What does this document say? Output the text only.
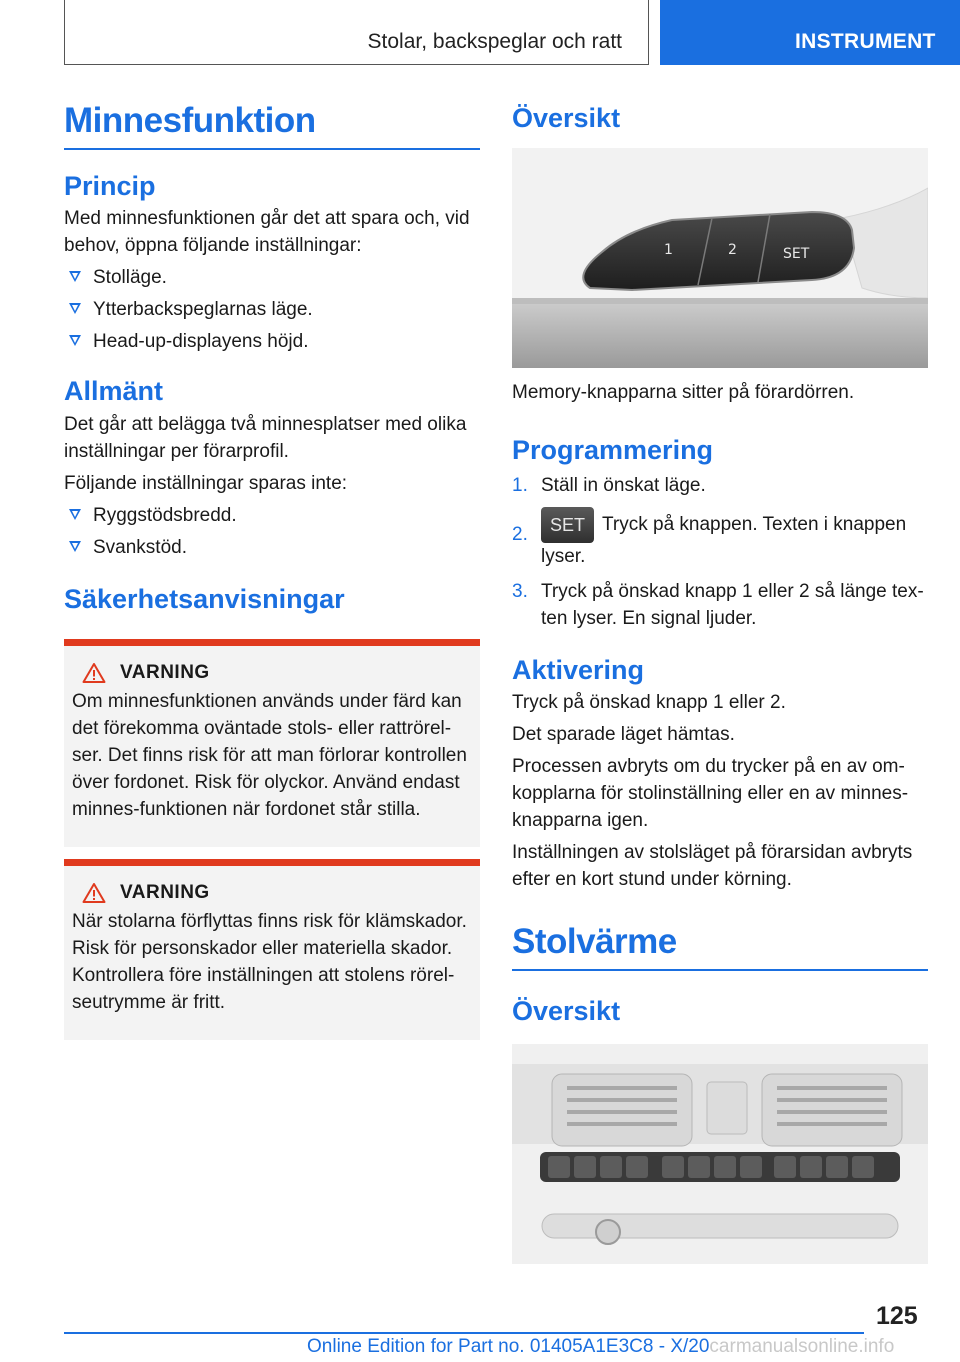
Stolar, backspeglar och ratt	INSTRUMENT
Minnesfunktion
Princip

Med minnesfunktionen går det att spara och, vid behov, öppna följande inställningar:

Stolläge.
Ytterbackspeglarnas läge.
Head-up-displayens höjd.
Allmänt

Det går att belägga två minnesplatser med olika inställningar per förarprofil.

Följande inställningar sparas inte:

Ryggstödsbredd.
Svankstöd.
Säkerhetsanvisningar
VARNING

Om minnesfunktionen används under färd kan det förekomma oväntade stols- eller rattrörelser. Det finns risk för att man förlorar kontrollen över fordonet. Risk för olyckor. Använd endast minnes-funktionen när fordonet står stilla.

VARNING

När stolarna förflyttas finns risk för klämskador. Risk för personskador eller materiella skador. Kontrollera före inställningen att stolens rörelseutrymme är fritt.

Översikt
1	2	SET

Memory-knapparna sitter på förardörren.

Programmering
1. Ställ in önskat läge.
2. SET Tryck på knappen. Texten i knappen lyser.
3. Tryck på önskad knapp 1 eller 2 så länge texten lyser. En signal ljuder.
Aktivering

Tryck på önskad knapp 1 eller 2.

Det sparade läget hämtas.

Processen avbryts om du trycker på en av omkopplarna för stolinställning eller en av minnesknapparna igen.

Inställningen av stolsläget på förarsidan avbryts efter en kort stund under körning.

Stolvärme
Översikt
125
Online Edition for Part no. 01405A1E3C8 - X/20carmanualsonline.info
